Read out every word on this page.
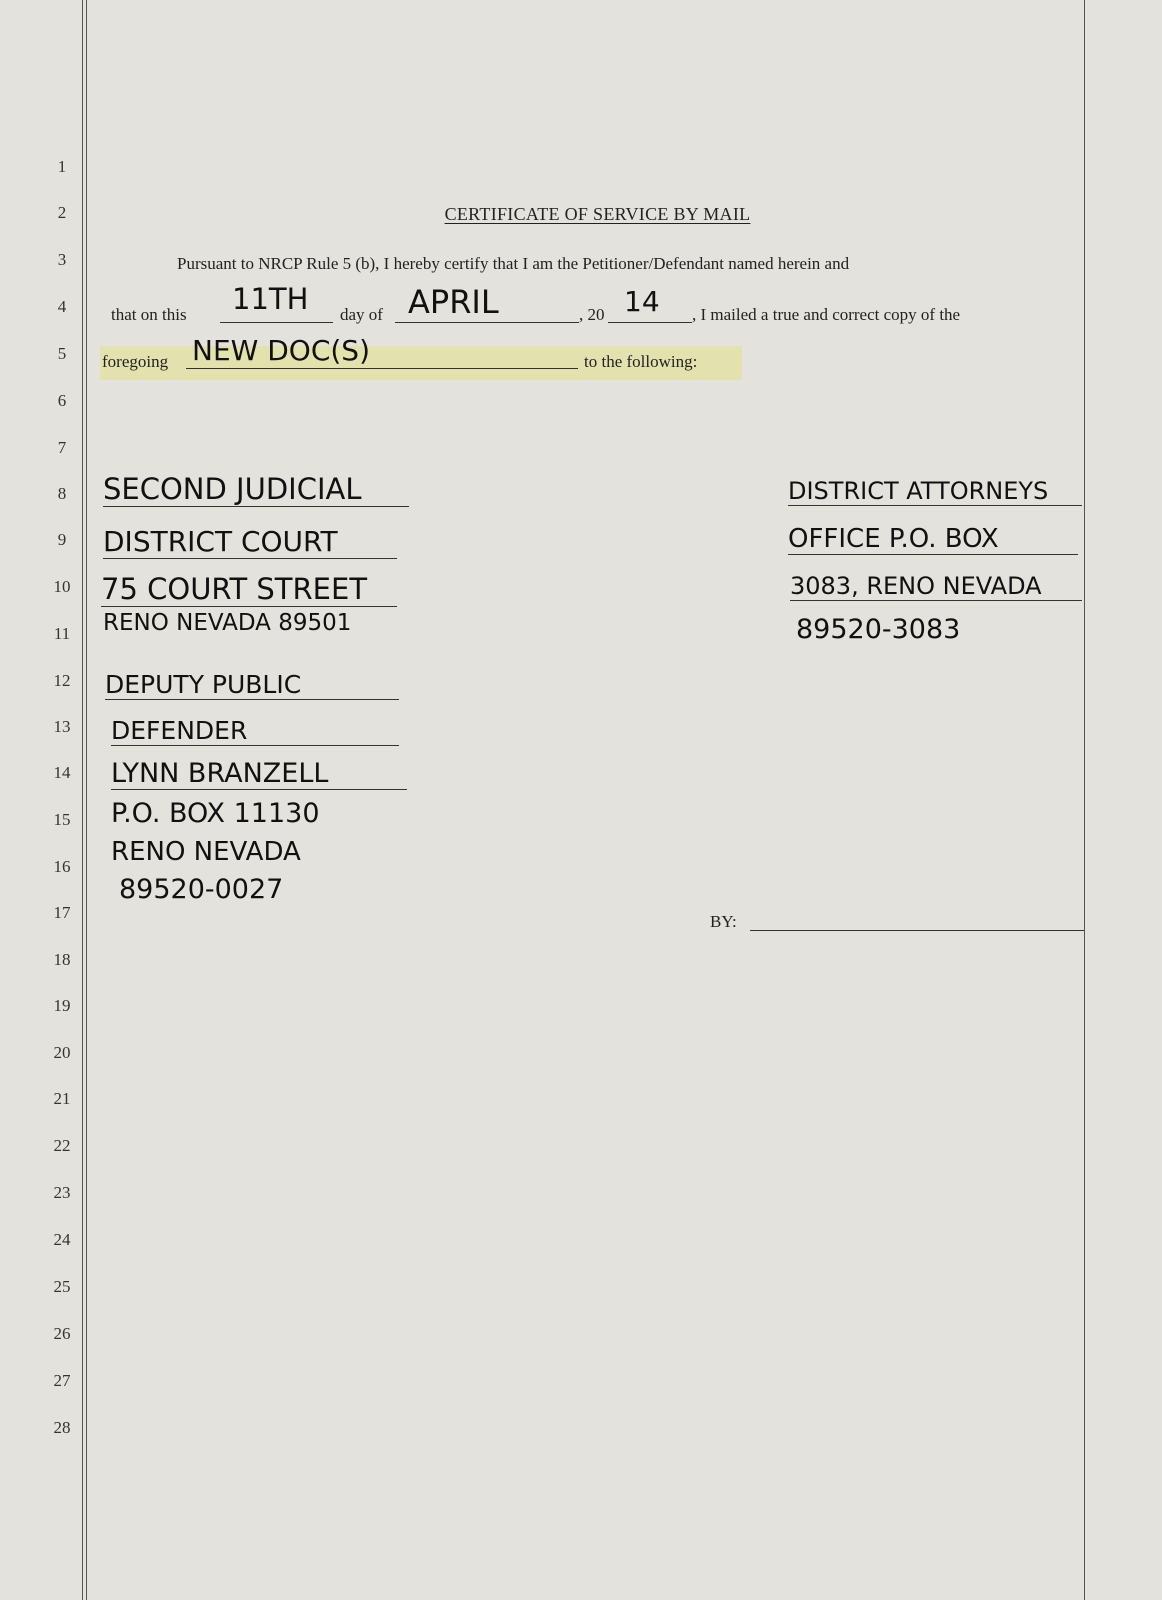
1
2
3
4
5
6
7
8
9
10
11
12
13
14
15
16
17
18
19
20
21
22
23
24
25
26
27
28
CERTIFICATE OF SERVICE BY MAIL
Pursuant to NRCP Rule 5 (b), I hereby certify that I am the Petitioner/Defendant named herein and
that on this 11TH day of APRIL	, 20 14 , I mailed a true and correct copy of the
foregoing NEW DOC(S)	to the following:
SECOND JUDICIAL
DISTRICT COURT
75 COURT STREET
RENO NEVADA 89501
DEPUTY PUBLIC
DEFENDER
LYNN BRANZELL
P.O. BOX 11130
RENO NEVADA
89520-0027
DISTRICT ATTORNEYS
OFFICE P.O. BOX
3083, RENO NEVADA
89520-3083
BY:
